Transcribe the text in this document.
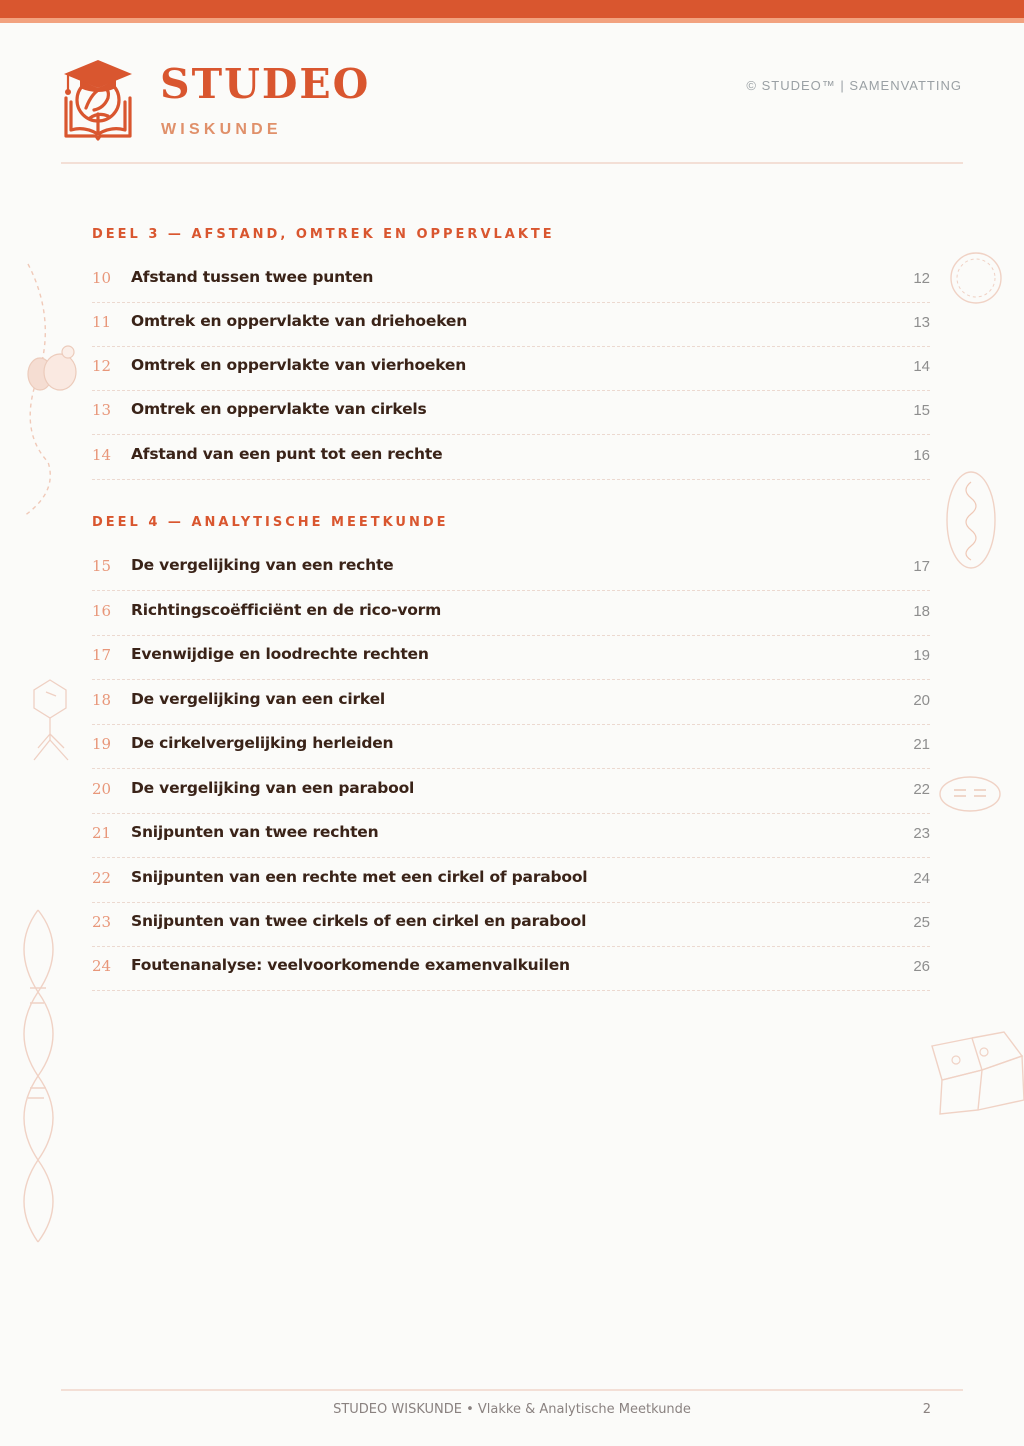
STUDEO
WISKUNDE
© STUDEO™ | SAMENVATTING
DEEL 3 — AFSTAND, OMTREK EN OPPERVLAKTE
10 Afstand tussen twee punten	12
11 Omtrek en oppervlakte van driehoeken	13
12 Omtrek en oppervlakte van vierhoeken	14
13 Omtrek en oppervlakte van cirkels	15
14 Afstand van een punt tot een rechte	16
DEEL 4 — ANALYTISCHE MEETKUNDE
15 De vergelijking van een rechte	17
16 Richtingscoëfficiënt en de rico-vorm	18
17 Evenwijdige en loodrechte rechten	19
18 De vergelijking van een cirkel	20
19 De cirkelvergelijking herleiden	21
20 De vergelijking van een parabool	22
21 Snijpunten van twee rechten	23
22 Snijpunten van een rechte met een cirkel of parabool	24
23 Snijpunten van twee cirkels of een cirkel en parabool	25
24 Foutenanalyse: veelvoorkomende examenvalkuilen	26
STUDEO WISKUNDE • Vlakke & Analytische Meetkunde	2
